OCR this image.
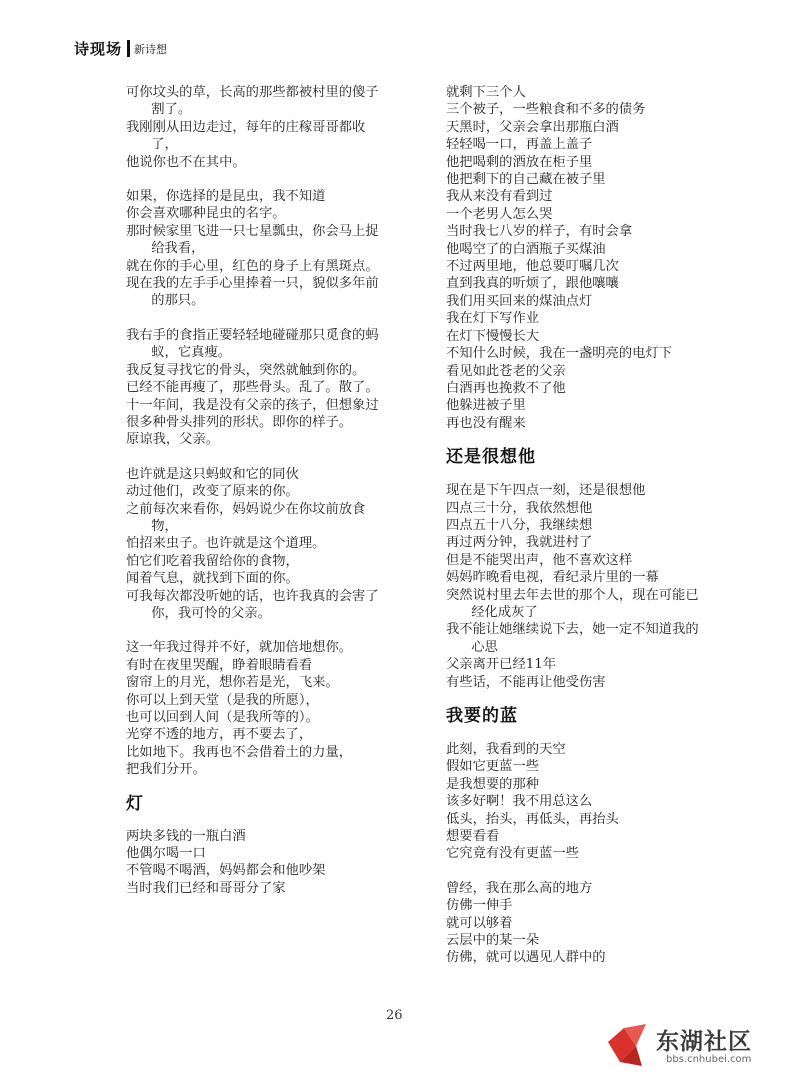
诗现场 新诗想

可你坟头的草，长高的那些都被村里的傻子割了。

我刚刚从田边走过，每年的庄稼哥哥都收了，

他说你也不在其中。

如果，你选择的是昆虫，我不知道

你会喜欢哪种昆虫的名字。

那时候家里飞进一只七星瓢虫，你会马上捉给我看，

就在你的手心里，红色的身子上有黑斑点。

现在我的左手手心里捧着一只，貌似多年前的那只。

我右手的食指正要轻轻地碰碰那只觅食的蚂蚁，它真瘦。

我反复寻找它的骨头，突然就触到你的。

已经不能再瘦了，那些骨头。乱了。散了。

十一年间，我是没有父亲的孩子，但想象过

很多种骨头排列的形状。即你的样子。

原谅我，父亲。

也许就是这只蚂蚁和它的同伙

动过他们，改变了原来的你。

之前每次来看你，妈妈说少在你坟前放食物，

怕招来虫子。也许就是这个道理。

怕它们吃着我留给你的食物，

闻着气息，就找到下面的你。

可我每次都没听她的话，也许我真的会害了你，我可怜的父亲。

这一年我过得并不好，就加倍地想你。

有时在夜里哭醒，睁着眼睛看看

窗帘上的月光，想你若是光，飞来。

你可以上到天堂（是我的所愿），

也可以回到人间（是我所等的）。

光穿不透的地方，再不要去了，

比如地下。我再也不会借着土的力量，

把我们分开。

灯

两块多钱的一瓶白酒

他偶尔喝一口

不管喝不喝酒，妈妈都会和他吵架

当时我们已经和哥哥分了家

就剩下三个人

三个被子，一些粮食和不多的债务

天黑时，父亲会拿出那瓶白酒

轻轻喝一口，再盖上盖子

他把喝剩的酒放在柜子里

他把剩下的自己藏在被子里

我从来没有看到过

一个老男人怎么哭

当时我七八岁的样子，有时会拿

他喝空了的白酒瓶子买煤油

不过两里地，他总要叮嘱几次

直到我真的听烦了，跟他嚷嚷

我们用买回来的煤油点灯

我在灯下写作业

在灯下慢慢长大

不知什么时候，我在一盏明亮的电灯下

看见如此苍老的父亲

白酒再也挽救不了他

他躲进被子里

再也没有醒来

还是很想他

现在是下午四点一刻，还是很想他

四点三十分，我依然想他

四点五十八分，我继续想

再过两分钟，我就进村了

但是不能哭出声，他不喜欢这样

妈妈昨晚看电视，看纪录片里的一幕

突然说村里去年去世的那个人，现在可能已经化成灰了

我不能让她继续说下去，她一定不知道我的心思

父亲离开已经11年

有些话，不能再让他受伤害

我要的蓝

此刻，我看到的天空

假如它更蓝一些

是我想要的那种

该多好啊！我不用总这么

低头，抬头，再低头，再抬头

想要看看

它究竟有没有更蓝一些

曾经，我在那么高的地方

仿佛一伸手

就可以够着

云层中的某一朵

仿佛，就可以遇见人群中的

26
东湖社区
bbs.cnhubei.com
